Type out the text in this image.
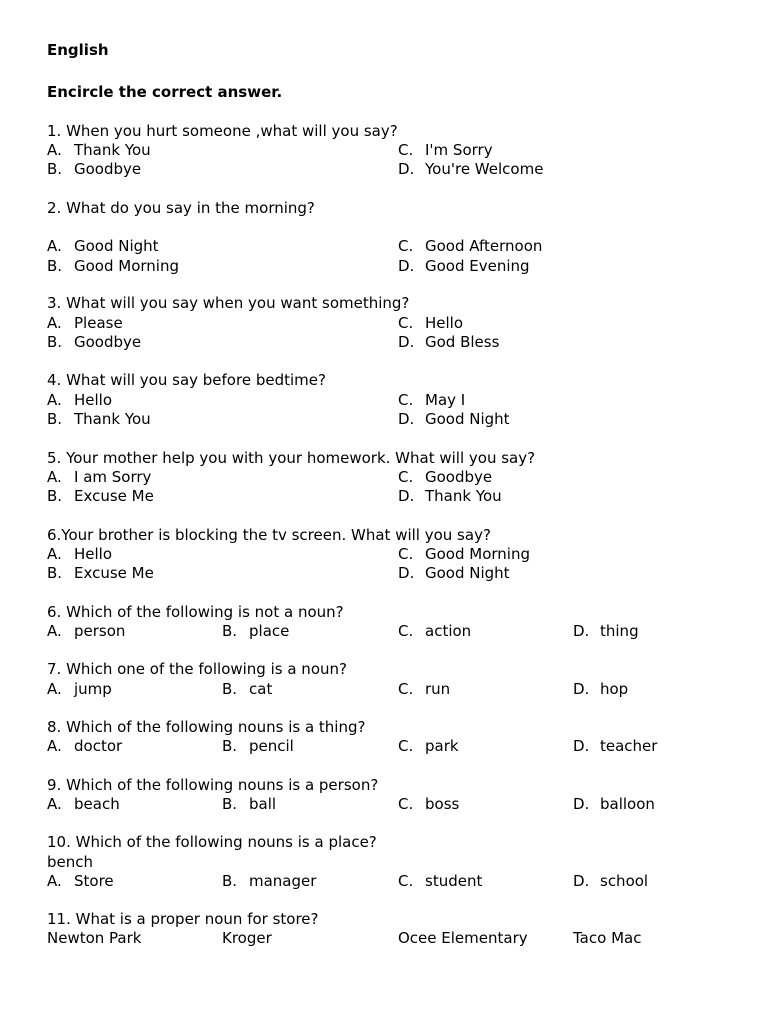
English
Encircle the correct answer.
1. When you hurt someone ,what will you say?
A. Thank You	C. I'm Sorry
B. Goodbye	D. You're Welcome
2. What do you say in the morning?
A. Good Night	C. Good Afternoon
B. Good Morning	D. Good Evening
3. What will you say when you want something?
A. Please	C. Hello
B. Goodbye	D. God Bless
4. What will you say before bedtime?
A. Hello	C. May I
B. Thank You	D. Good Night
5. Your mother help you with your homework. What will you say?
A. I am Sorry	C. Goodbye
B. Excuse Me	D. Thank You
6.Your brother is blocking the tv screen. What will you say?
A. Hello	C. Good Morning
B. Excuse Me	D. Good Night
6. Which of the following is not a noun?
A. person	B. place	C. action	D. thing
7. Which one of the following is a noun?
A. jump	B. cat	C. run	D. hop
8. Which of the following nouns is a thing?
A. doctor	B. pencil	C. park	D. teacher
9. Which of the following nouns is a person?
A. beach	B. ball	C. boss	D. balloon
10. Which of the following nouns is a place?
bench
A. Store	B. manager	C. student	D. school
11. What is a proper noun for store?
Newton Park	Kroger	Ocee Elementary	Taco Mac
